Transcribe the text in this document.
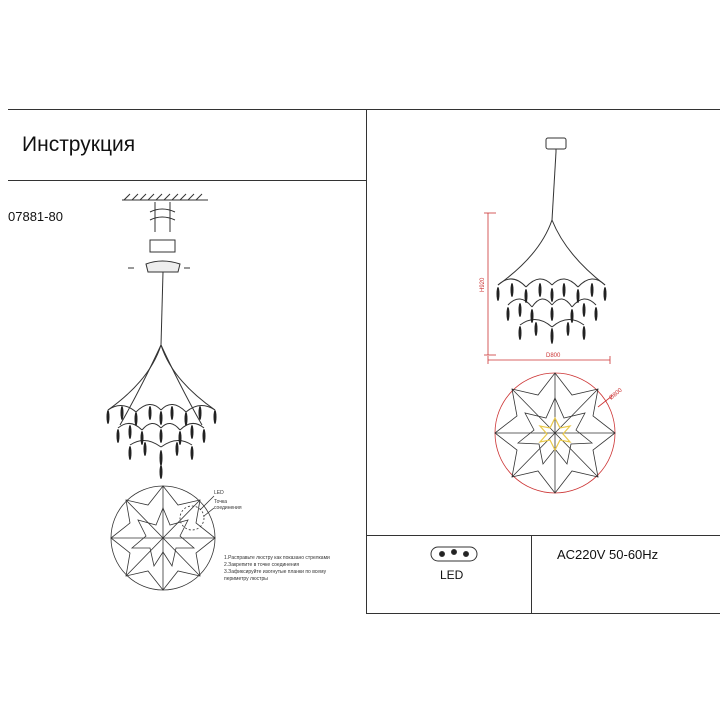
Инструкция
07881-80
LED
Точка
соединения
1.Расправьте люстру как показано стрелками
2.Закрепите в точке соединения
3.Зафиксируйте изогнутые планки по всему
периметру люстры
H920
D800
Ø800
LED
AC220V 50-60Hz
